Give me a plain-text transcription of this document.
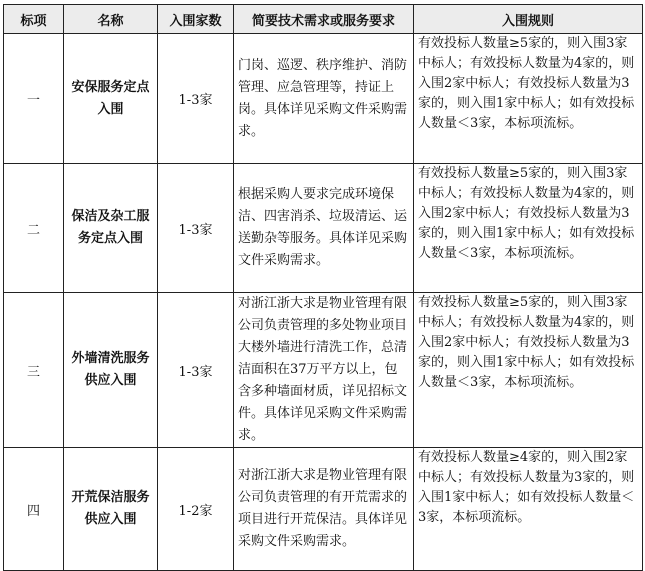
标项	名称	入围家数	简要技术需求或服务要求	入围规则
一	安保服务定点入围	1-3家	门岗、巡逻、秩序维护、消防管理、应急管理等，持证上岗。具体详见采购文件采购需求。	有效投标人数量≥5家的，则入围3家中标人；有效投标人数量为4家的，则入围2家中标人；有效投标人数量为3家的，则入围1家中标人；如有效投标人数量＜3家，本标项流标。
二	保洁及杂工服务定点入围	1-3家	根据采购人要求完成环境保洁、四害消杀、垃圾清运、运送勤杂等服务。具体详见采购文件采购需求。	有效投标人数量≥5家的，则入围3家中标人；有效投标人数量为4家的，则入围2家中标人；有效投标人数量为3家的，则入围1家中标人；如有效投标人数量＜3家，本标项流标。
三	外墙清洗服务供应入围	1-3家	对浙江浙大求是物业管理有限公司负责管理的多处物业项目大楼外墙进行清洗工作，总清洁面积在37万平方以上，包含多种墙面材质，详见招标文件。具体详见采购文件采购需求。	有效投标人数量≥5家的，则入围3家中标人；有效投标人数量为4家的，则入围2家中标人；有效投标人数量为3家的，则入围1家中标人；如有效投标人数量＜3家，本标项流标。
四	开荒保洁服务供应入围	1-2家	对浙江浙大求是物业管理有限公司负责管理的有开荒需求的项目进行开荒保洁。具体详见采购文件采购需求。	有效投标人数量≥4家的，则入围2家中标人；有效投标人数量为3家的，则入围1家中标人；如有效投标人数量＜3家，本标项流标。
